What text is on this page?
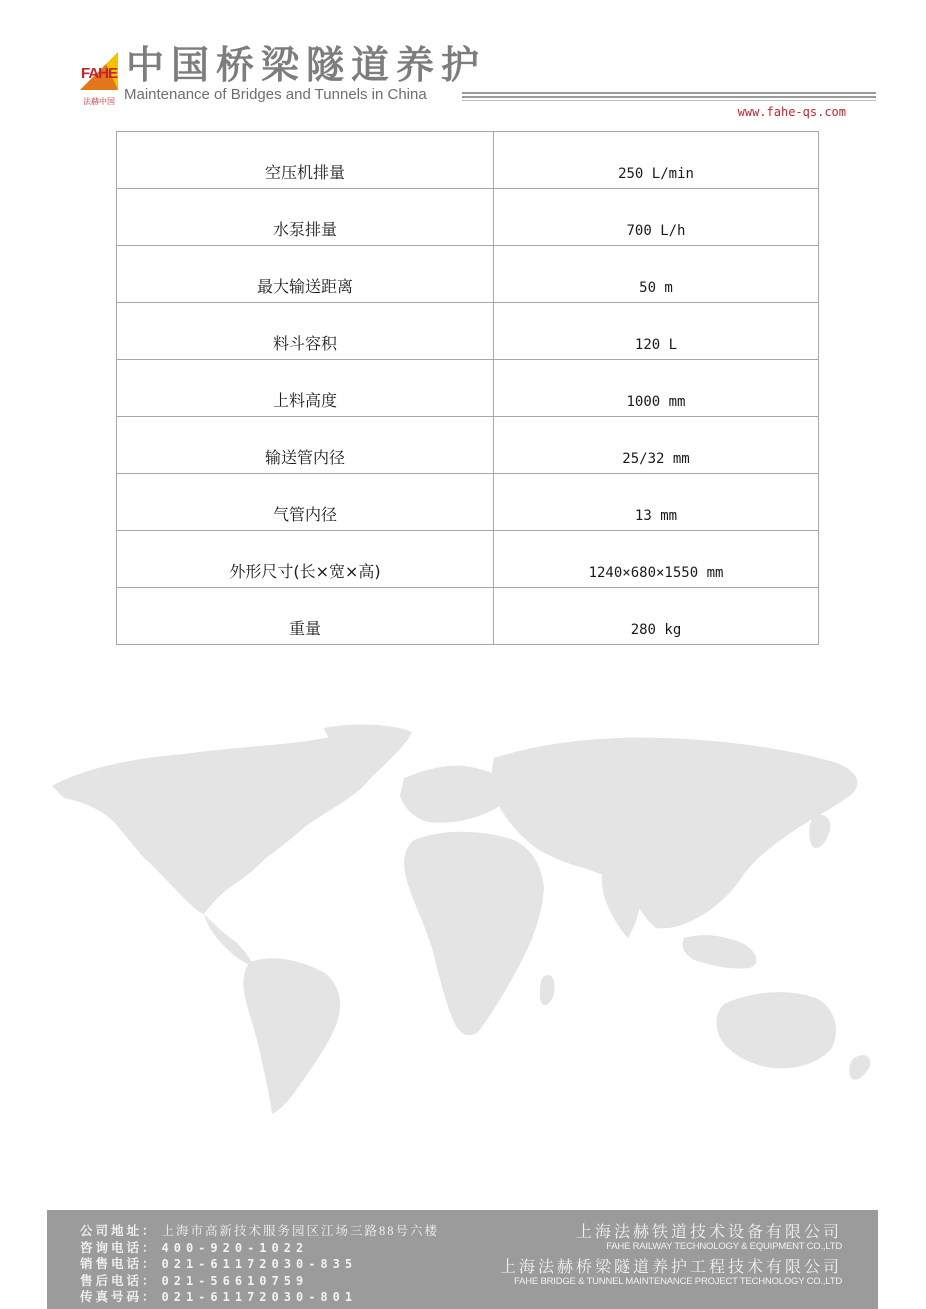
FAHE
法赫中国
中国桥梁隧道养护
Maintenance of Bridges and Tunnels in China
www.fahe-qs.com
空压机排量	250 L/min
水泵排量	700 L/h
最大输送距离	50 m
料斗容积	120 L
上料高度	1000 mm
输送管内径	25/32 mm
气管内径	13 mm
外形尺寸(长×宽×高)	1240×680×1550 mm
重量	280 kg
公司地址： 上海市高新技术服务园区江场三路88号六楼
咨询电话： 400-920-1022
销售电话： 021-61172030-835
售后电话： 021-56610759
传真号码： 021-61172030-801
上海法赫铁道技术设备有限公司
FAHE RAILWAY TECHNOLOGY & EQUIPMENT CO.,LTD
上海法赫桥梁隧道养护工程技术有限公司
FAHE BRIDGE & TUNNEL MAINTENANCE PROJECT TECHNOLOGY CO.,LTD
